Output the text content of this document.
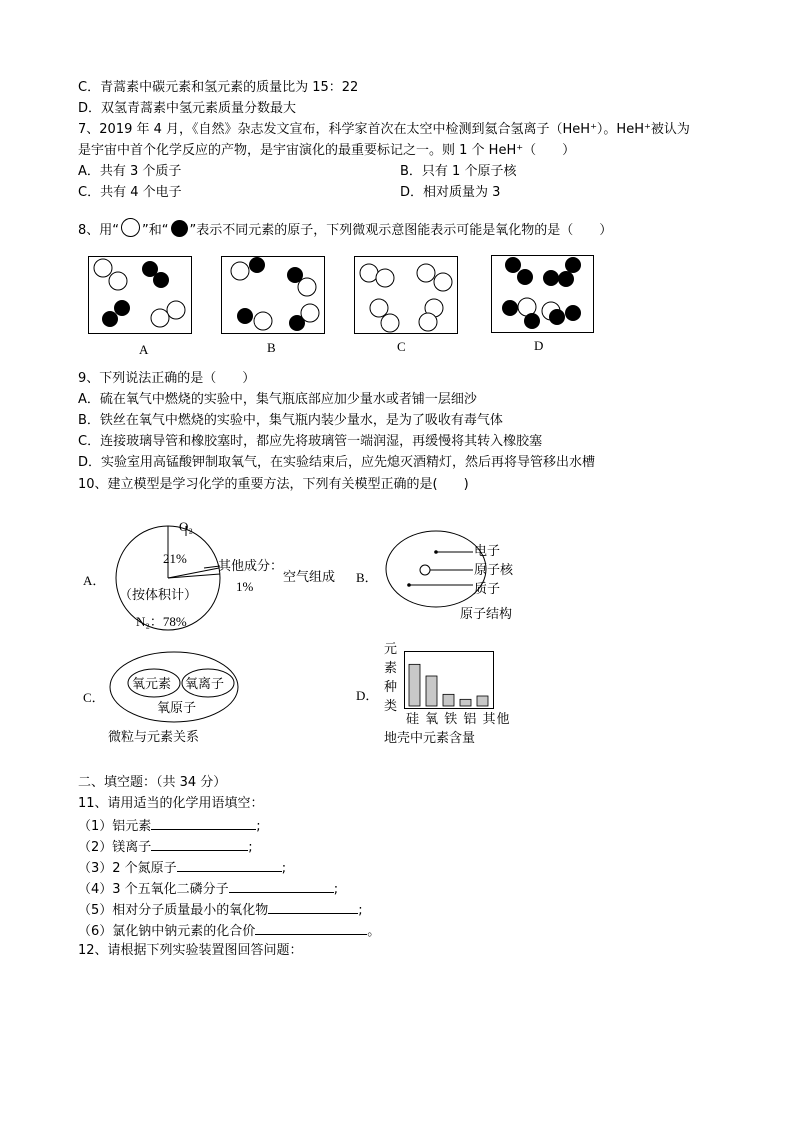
C．青蒿素中碳元素和氢元素的质量比为 15：22
D．双氢青蒿素中氢元素质量分数最大
7、2019 年 4 月，《自然》杂志发文宣布，科学家首次在太空中检测到氦合氢离子（HeH⁺）。HeH⁺被认为
是宇宙中首个化学反应的产物，是宇宙演化的最重要标记之一。则 1 个 HeH⁺（　　）
A．共有 3 个质子	B．只有 1 个原子核
C．共有 4 个电子	D．相对质量为 3
8、用“ ”和“ ”表示不同元素的原子，下列微观示意图能表示可能是氧化物的是（　　）
A	B	C	D
9、下列说法正确的是（　　）
A．硫在氧气中燃烧的实验中，集气瓶底部应加少量水或者铺一层细沙
B．铁丝在氧气中燃烧的实验中，集气瓶内装少量水，是为了吸收有毒气体
C．连接玻璃导管和橡胶塞时，都应先将玻璃管一端润湿，再缓慢将其转入橡胶塞
D．实验室用高锰酸钾制取氧气，在实验结束后，应先熄灭酒精灯，然后再将导管移出水槽
10、建立模型是学习化学的重要方法，下列有关模型正确的是(　　)
A．
O₂
21%
其他成分：
1%
（按体积计）
N₂：78%
空气组成 B．
电子
原子核
质子
原子结构
C．
氧元素 氧离子
氧原子
微粒与元素关系
D．
元
素
种
类
硅 氧 铁 铝 其他
地壳中元素含量
二、填空题：（共 34 分）
11、请用适当的化学用语填空：
（1）铝元素	;
（2）镁离子	;
（3）2 个氮原子	;
（4）3 个五氧化二磷分子	;
（5）相对分子质量最小的氧化物	;
（6）氯化钠中钠元素的化合价	。
12、请根据下列实验装置图回答问题：
